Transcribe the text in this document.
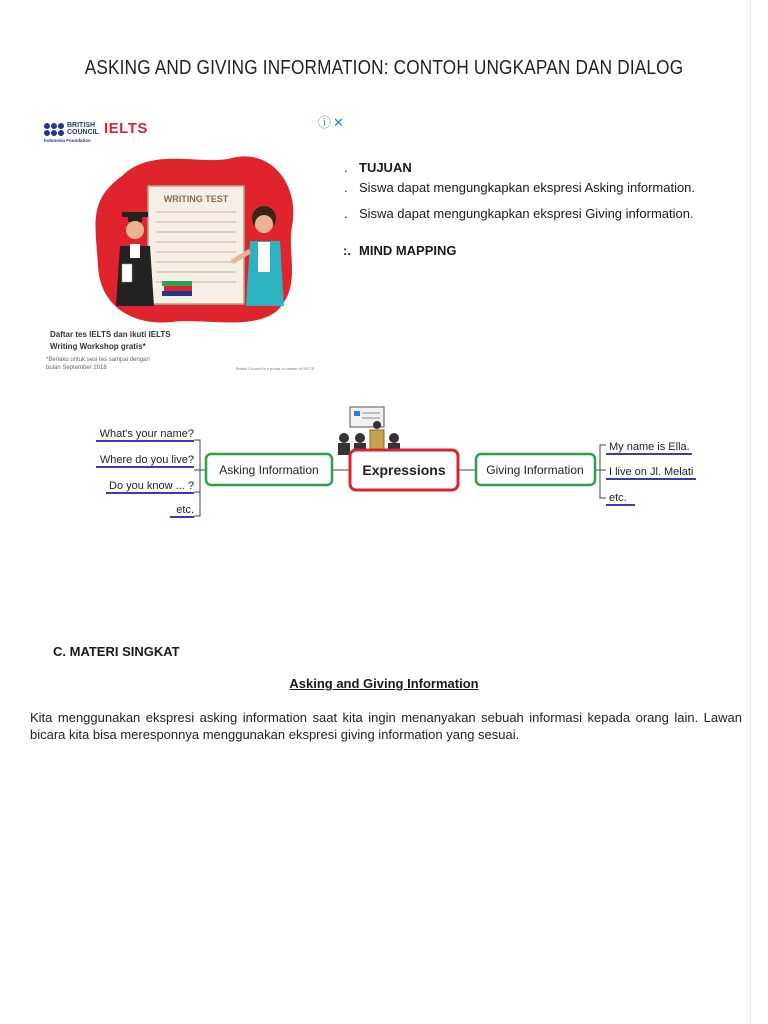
ASKING AND GIVING INFORMATION: CONTOH UNGKAPAN DAN DIALOG
BRITISH COUNCIL
Indonesia Foundation
IELTS
WRITING TEST
Daftar tes IELTS dan ikuti IELTS
Writing Workshop gratis*
*Berlaku untuk sesi tes sampai dengan
bulan September 2018	British Council is a proud co-owner of IELTS
ⓘ✕
. TUJUAN
. Siswa dapat mengungkapkan ekspresi Asking information.
. Siswa dapat mengungkapkan ekspresi Giving information.
:. MIND MAPPING
Expressions
Asking Information	Giving Information
What's your name?
Where do you live?
Do you know ... ?
etc.
My name is Ella.
I live on Jl. Melati
etc.
C. MATERI SINGKAT
Asking and Giving Information
Kita menggunakan ekspresi asking information saat kita ingin menanyakan sebuah informasi kepada orang lain. Lawan bicara kita bisa meresponnya menggunakan ekspresi giving information yang sesuai.
